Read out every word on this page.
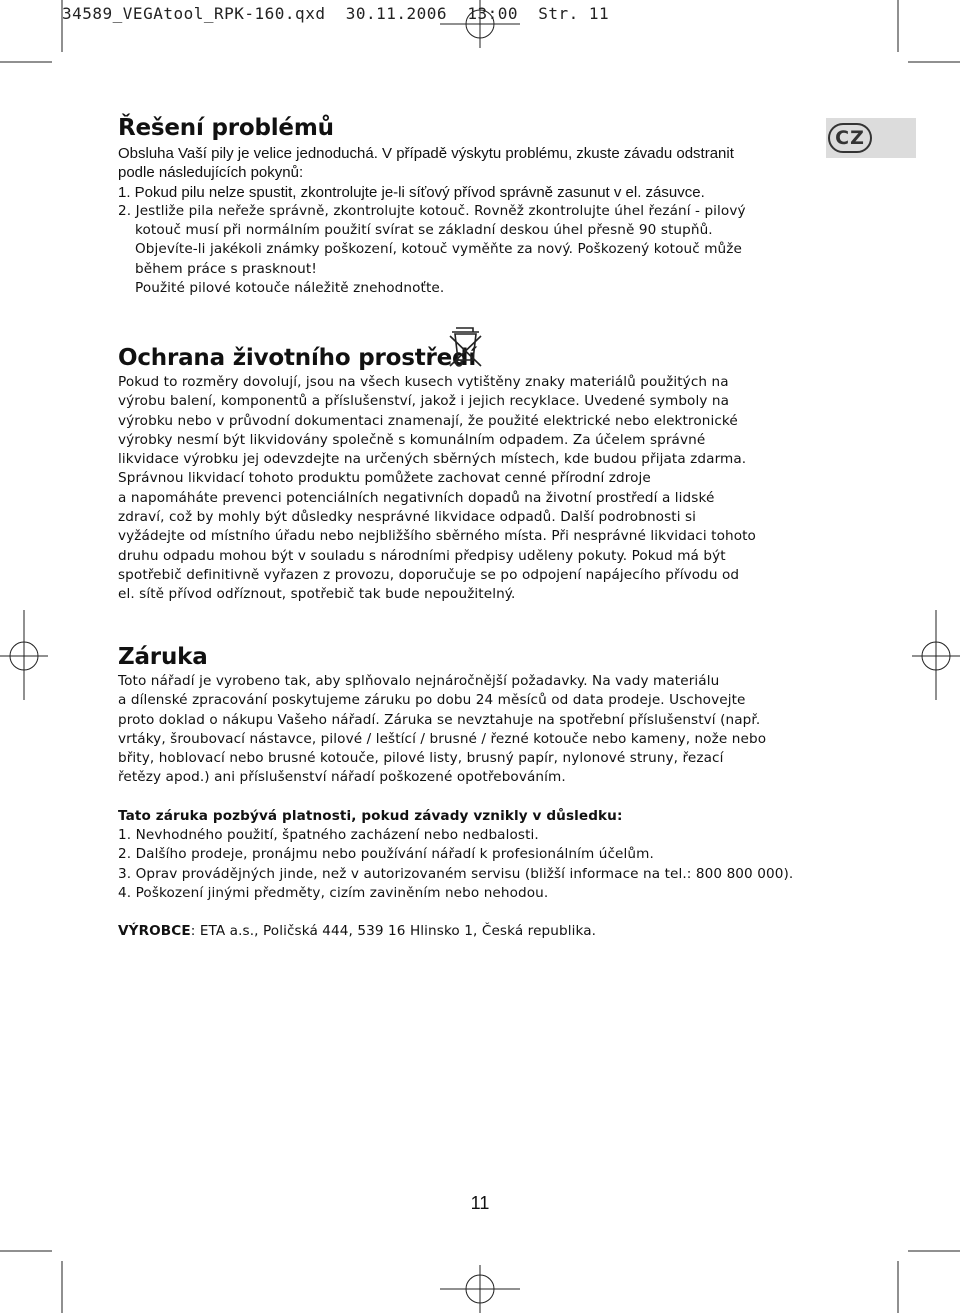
34589_VEGAtool_RPK-160.qxd  30.11.2006  13:00  Str. 11
CZ
Řešení problémů

Obsluha Vaší pily je velice jednoduchá. V případě výskytu problému, zkuste závadu odstranit

podle následujících pokynů:

1. Pokud pilu nelze spustit, zkontrolujte je-li síťový přívod správně zasunut v el. zásuvce.

2. Jestliže pila neřeže správně, zkontrolujte kotouč. Rovněž zkontrolujte úhel řezání - pilový

kotouč musí při normálním použití svírat se základní deskou úhel přesně 90 stupňů.

Objevíte-li jakékoli známky poškození, kotouč vyměňte za nový. Poškozený kotouč může

během práce s prasknout!

Použité pilové kotouče náležitě znehodnoťte.

Ochrana životního prostředí

Pokud to rozměry dovolují, jsou na všech kusech vytištěny znaky materiálů použitých na

výrobu balení, komponentů a příslušenství, jakož i jejich recyklace. Uvedené symboly na

výrobku nebo v průvodní dokumentaci znamenají, že použité elektrické nebo elektronické

výrobky nesmí být likvidovány společně s komunálním odpadem. Za účelem správné

likvidace výrobku jej odevzdejte na určených sběrných místech, kde budou přijata zdarma.

Správnou likvidací tohoto produktu pomůžete zachovat cenné přírodní zdroje

a napomáháte prevenci potenciálních negativních dopadů na životní prostředí a lidské

zdraví, což by mohly být důsledky nesprávné likvidace odpadů. Další podrobnosti si

vyžádejte od místního úřadu nebo nejbližšího sběrného místa. Při nesprávné likvidaci tohoto

druhu odpadu mohou být v souladu s národními předpisy uděleny pokuty. Pokud má být

spotřebič definitivně vyřazen z provozu, doporučuje se po odpojení napájecího přívodu od

el. sítě přívod odříznout, spotřebič tak bude nepoužitelný.

Záruka

Toto nářadí je vyrobeno tak, aby splňovalo nejnáročnější požadavky. Na vady materiálu

a dílenské zpracování poskytujeme záruku po dobu 24 měsíců od data prodeje. Uschovejte

proto doklad o nákupu Vašeho nářadí. Záruka se nevztahuje na spotřební příslušenství (např.

vrtáky, šroubovací nástavce, pilové / leštící / brusné / řezné kotouče nebo kameny, nože nebo

břity, hoblovací nebo brusné kotouče, pilové listy, brusný papír, nylonové struny, řezací

řetězy apod.) ani příslušenství nářadí poškozené opotřebováním.

Tato záruka pozbývá platnosti, pokud závady vznikly v důsledku:

1. Nevhodného použití, špatného zacházení nebo nedbalosti.

2. Dalšího prodeje, pronájmu nebo používání nářadí k profesionálním účelům.

3. Oprav provádějných jinde, než v autorizovaném servisu (bližší informace na tel.: 800 800 000).

4. Poškození jinými předměty, cizím zaviněním nebo nehodou.

VÝROBCE: ETA a.s., Poličská 444, 539 16 Hlinsko 1, Česká republika.

11
